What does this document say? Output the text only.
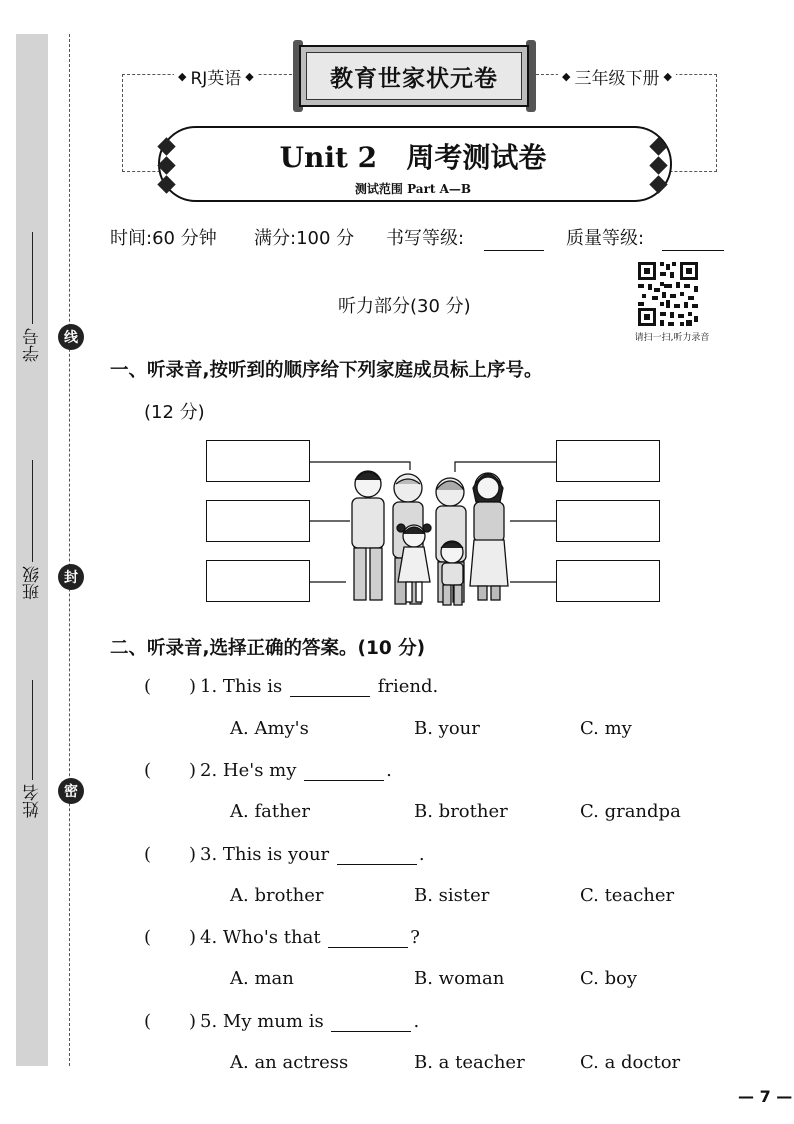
学号
班级
姓名
线
封
密
◆ RJ英语 ◆	◆ 三年级下册 ◆
教育世家状元卷
Unit 2 周考测试卷
测试范围 Part A—B
时间:60 分钟 满分:100 分 书写等级:	质量等级:
请扫一扫,听力录音
听力部分(30 分)
一、听录音,按听到的顺序给下列家庭成员标上序号。
(12 分)
二、听录音,选择正确的答案。(10 分)
( ) 1. This is	friend.
A. Amy's	B. your	C. my
( ) 2. He's my	.
A. father	B. brother	C. grandpa
( ) 3. This is your	.
A. brother	B. sister	C. teacher
( ) 4. Who's that	?
A. man	B. woman	C. boy
( ) 5. My mum is	.
A. an actress	B. a teacher	C. a doctor
— 7 —
